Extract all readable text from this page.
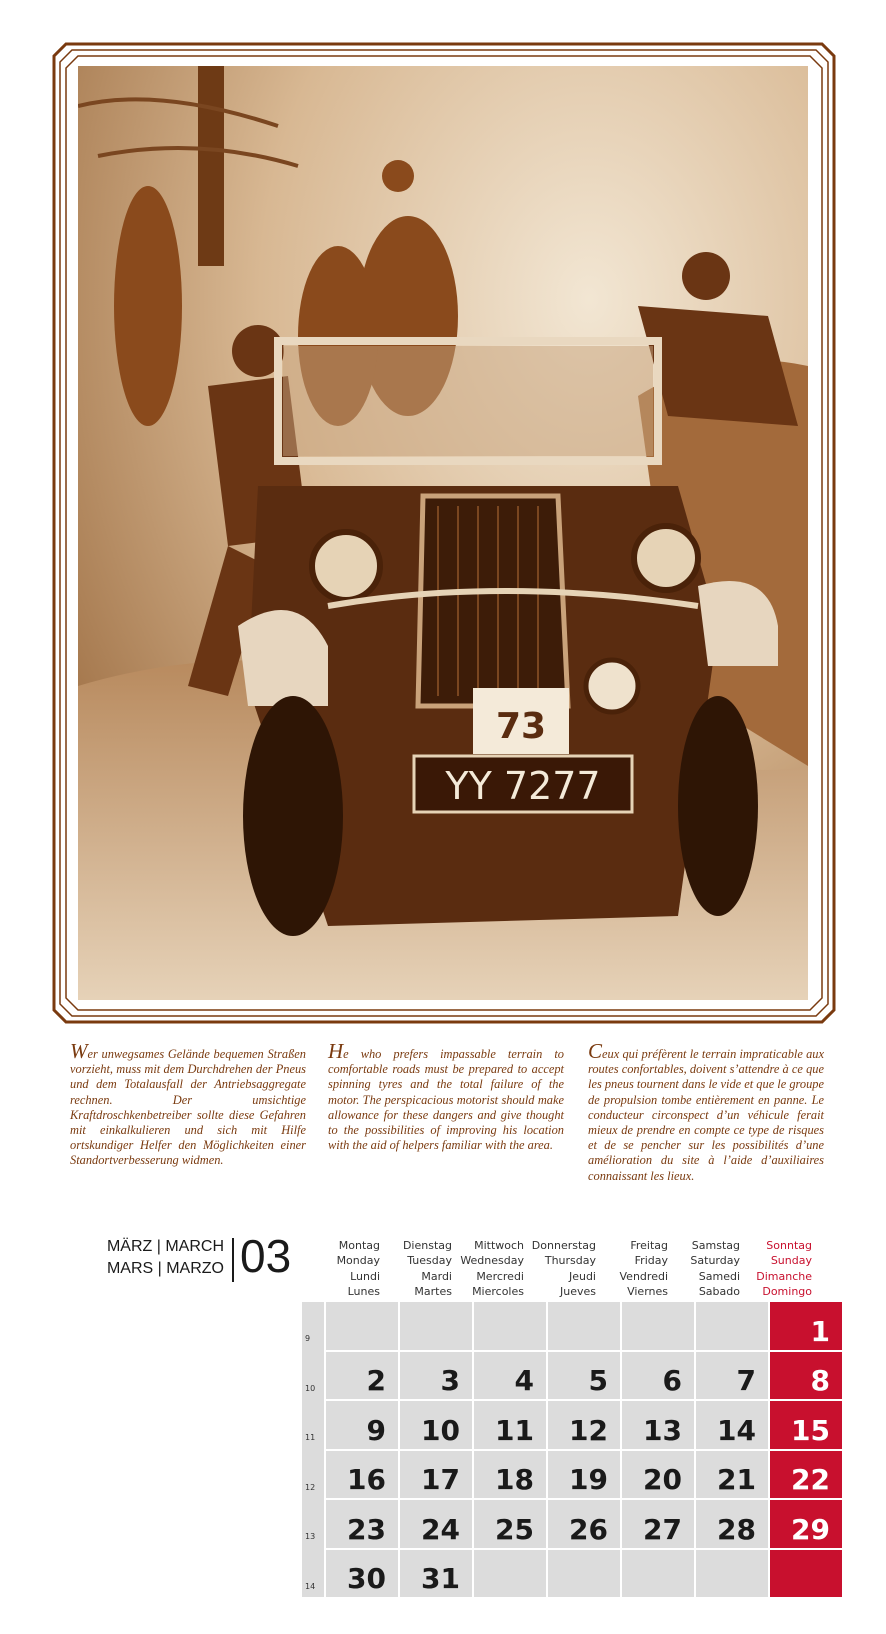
73
YY 7277

Wer unwegsames Gelände bequemen Straßen vorzieht, muss mit dem Durchdrehen der Pneus und dem Totalausfall der Antriebsaggregate rechnen. Der umsichtige Kraftdroschkenbetreiber sollte diese Gefahren mit einkalkulieren und sich mit Hilfe ortskundiger Helfer den Möglichkeiten einer Standortverbesserung widmen.

He who prefers impassable terrain to comfortable roads must be prepared to accept spinning tyres and the total failure of the motor. The perspicacious motorist should make allowance for these dangers and give thought to the possibilities of improving his location with the aid of helpers familiar with the area.

Ceux qui préfèrent le terrain impraticable aux routes confortables, doivent s’attendre à ce que les pneus tournent dans le vide et que le groupe de propulsion tombe entièrement en panne. Le conducteur circonspect d’un véhicule ferait mieux de prendre en compte ce type de risques et de se pencher sur les possibilités d’une amélioration du site à l’aide d’auxiliaires connaissant les lieux.

MÄRZ | MARCH
MARS | MARZO 03	Montag
Monday
Lundi
Lunes
Dienstag
Tuesday
Mardi
Martes
Mittwoch
Wednesday
Mercredi
Miercoles
Donnerstag
Thursday
Jeudi
Jueves
Freitag
Friday
Vendredi
Viernes
Samstag
Saturday
Samedi
Sabado
Sonntag
Sunday
Dimanche
Domingo
9	1
10 2 3 4 5 6 7 8
11 9 10 11 12 13 14 15
12 16 17 18 19 20 21 22
13 23 24 25 26 27 28 29
14 30 31
